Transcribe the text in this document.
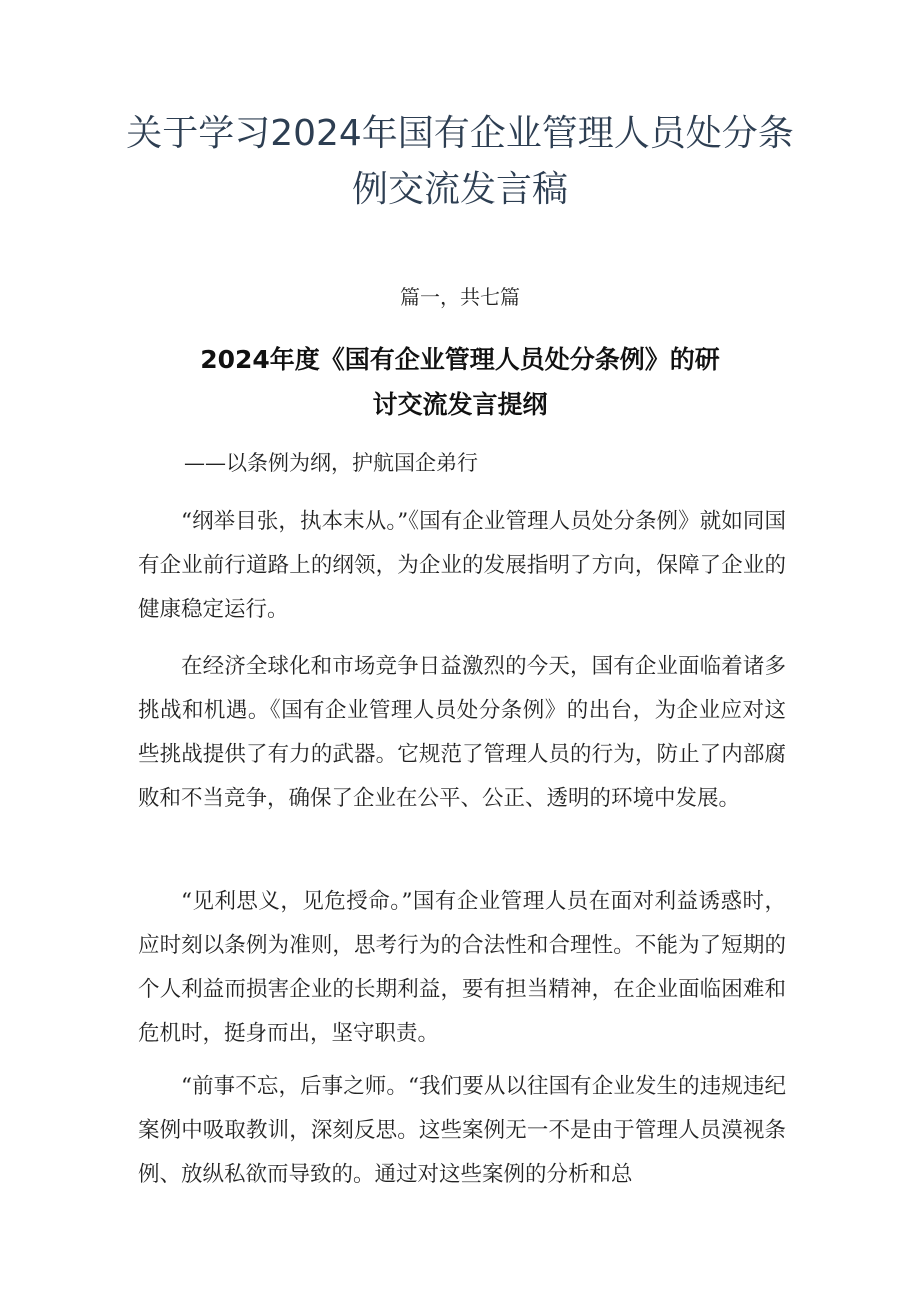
关于学习2024年国有企业管理人员处分条
例交流发言稿
篇一，共七篇
2024年度《国有企业管理人员处分条例》的研
讨交流发言提纲
——以条例为纲，护航国企弟行

“纲举目张，执本末从。”《国有企业管理人员处分条例》就如同国有企业前行道路上的纲领，为企业的发展指明了方向，保障了企业的健康稳定运行。

在经济全球化和市场竞争日益激烈的今天，国有企业面临着诸多挑战和机遇。《国有企业管理人员处分条例》的出台，为企业应对这些挑战提供了有力的武器。它规范了管理人员的行为，防止了内部腐败和不当竞争，确保了企业在公平、公正、透明的环境中发展。

“见利思义，见危授命。”国有企业管理人员在面对利益诱惑时，应时刻以条例为准则，思考行为的合法性和合理性。不能为了短期的个人利益而损害企业的长期利益，要有担当精神，在企业面临困难和危机时，挺身而出，坚守职责。

“前事不忘，后事之师。“我们要从以往国有企业发生的违规违纪案例中吸取教训，深刻反思。这些案例无一不是由于管理人员漠视条例、放纵私欲而导致的。通过对这些案例的分析和总
